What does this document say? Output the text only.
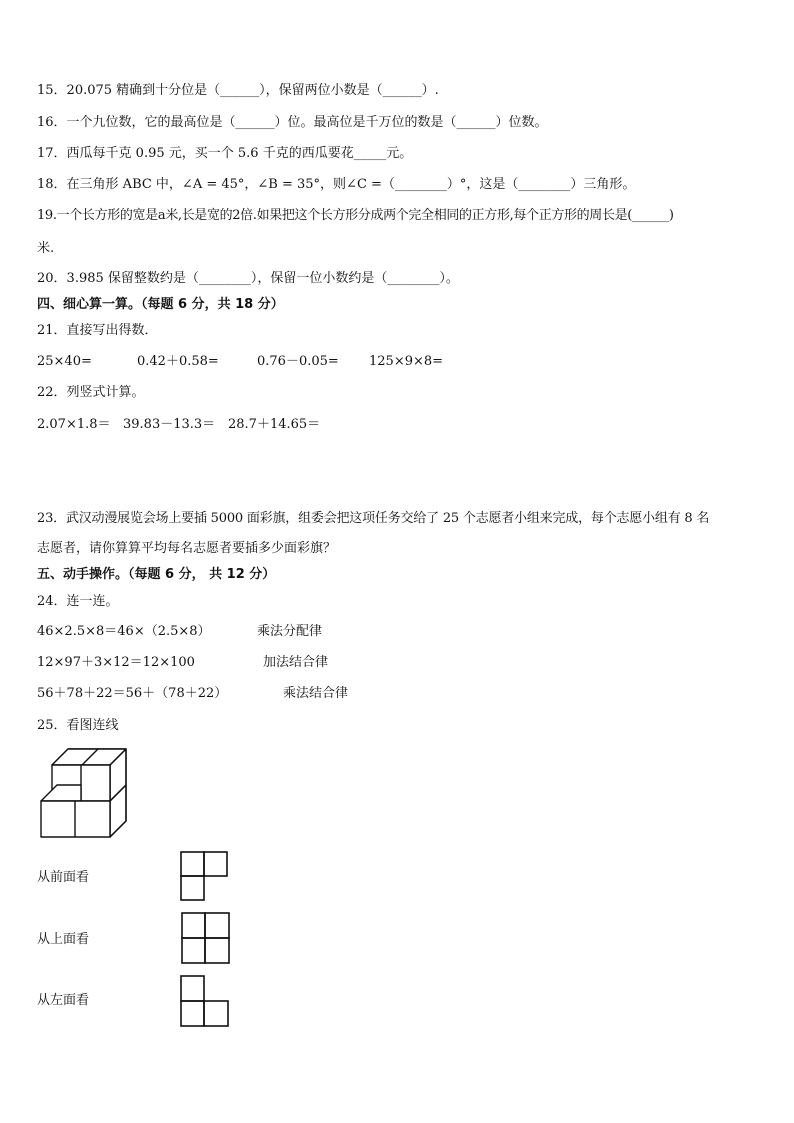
15．20.075 精确到十分位是（______），保留两位小数是（______）.
16．一个九位数，它的最高位是（______）位。最高位是千万位的数是（______）位数。
17．西瓜每千克 0.95 元，买一个 5.6 千克的西瓜要花_____元。
18．在三角形 ABC 中，∠A = 45°，∠B = 35°，则∠C =（________）°，这是（________）三角形。
19.一个长方形的宽是a米,长是宽的2倍.如果把这个长方形分成两个完全相同的正方形,每个正方形的周长是(______)
米.
20．3.985 保留整数约是（________），保留一位小数约是（________）。
四、细心算一算。（每题 6 分，共 18 分）
21．直接写出得数．
25×40=	0.42＋0.58=	0.76－0.05= 125×9×8=
22．列竖式计算。
2.07×1.8＝ 39.83－13.3＝ 28.7＋14.65＝
23．武汉动漫展览会场上要插 5000 面彩旗，组委会把这项任务交给了 25 个志愿者小组来完成，每个志愿小组有 8 名
志愿者，请你算算平均每名志愿者要插多少面彩旗？
五、动手操作。（每题 6 分， 共 12 分）
24．连一连。
46×2.5×8＝46×（2.5×8）	乘法分配律
12×97＋3×12＝12×100	加法结合律
56＋78＋22＝56＋（78＋22）	乘法结合律
25．看图连线
从前面看
从上面看
从左面看
